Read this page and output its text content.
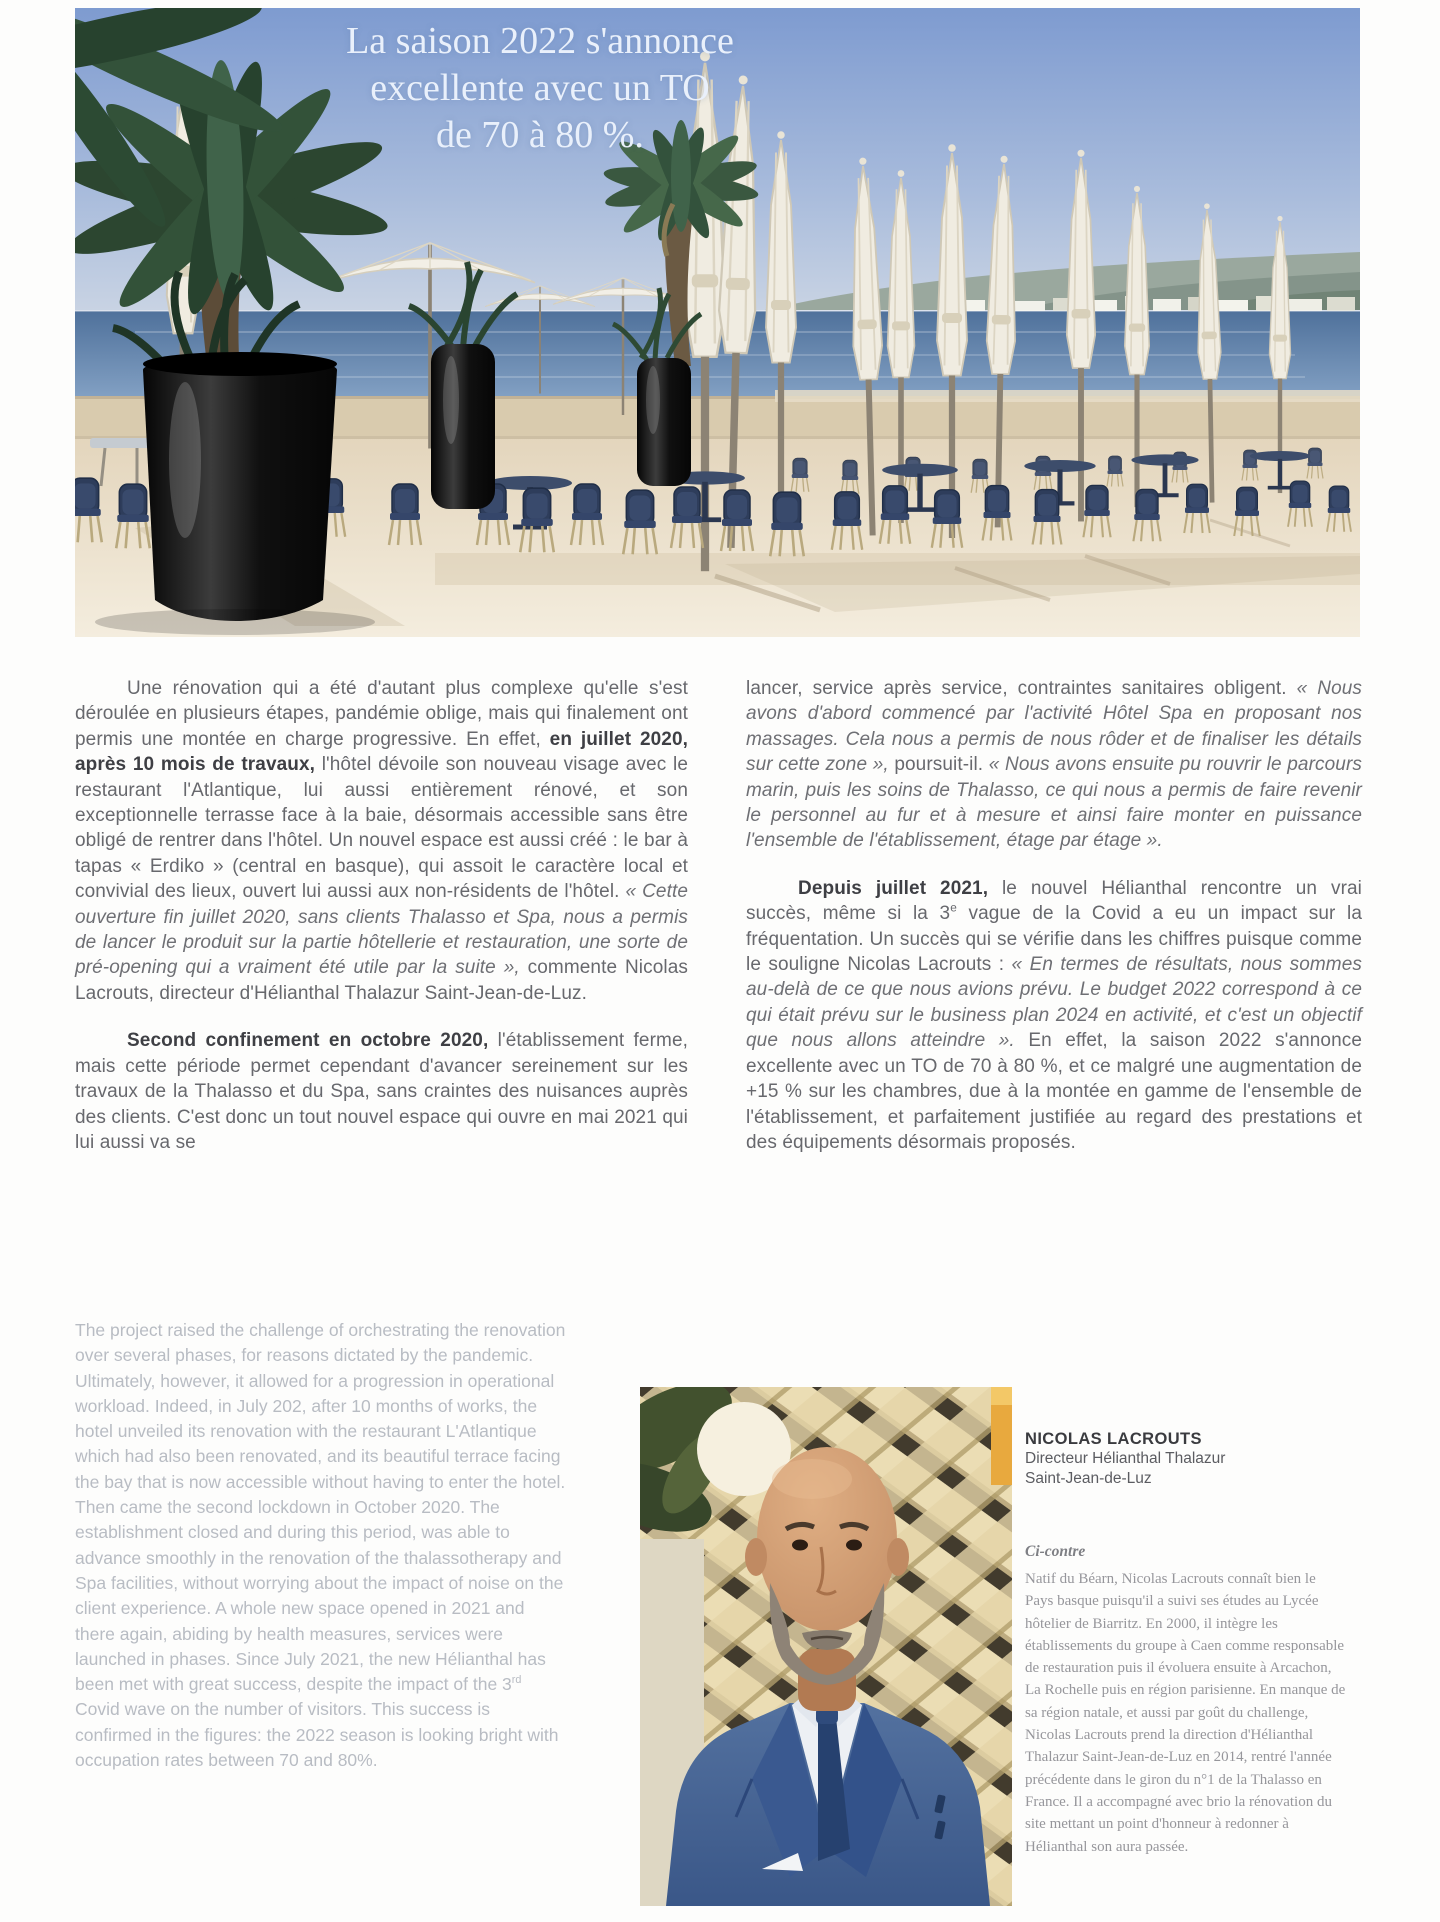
La saison 2022 s'annonce
excellente avec un TO
de 70 à 80 %.

Une rénovation qui a été d'autant plus complexe qu'elle s'est déroulée en plusieurs étapes, pandémie oblige, mais qui finalement ont permis une montée en charge progressive. En effet, en juillet 2020, après 10 mois de travaux, l'hôtel dévoile son nouveau visage avec le restaurant l'Atlantique, lui aussi entièrement rénové, et son exceptionnelle terrasse face à la baie, désormais accessible sans être obligé de rentrer dans l'hôtel. Un nouvel espace est aussi créé : le bar à tapas « Erdiko » (central en basque), qui assoit le caractère local et convivial des lieux, ouvert lui aussi aux non-résidents de l'hôtel. « Cette ouverture fin juillet 2020, sans clients Thalasso et Spa, nous a permis de lancer le produit sur la partie hôtellerie et restauration, une sorte de pré-opening qui a vraiment été utile par la suite », commente Nicolas Lacrouts, directeur d'Hélianthal Thalazur Saint-Jean-de-Luz.

Second confinement en octobre 2020, l'établissement ferme, mais cette période permet cependant d'avancer sereinement sur les travaux de la Thalasso et du Spa, sans craintes des nuisances auprès des clients. C'est donc un tout nouvel espace qui ouvre en mai 2021 qui lui aussi va se

lancer, service après service, contraintes sanitaires obligent. « Nous avons d'abord commencé par l'activité Hôtel Spa en proposant nos massages. Cela nous a permis de nous rôder et de finaliser les détails sur cette zone », poursuit-il. « Nous avons ensuite pu rouvrir le parcours marin, puis les soins de Thalasso, ce qui nous a permis de faire revenir le personnel au fur et à mesure et ainsi faire monter en puissance l'ensemble de l'établissement, étage par étage ».

Depuis juillet 2021, le nouvel Hélianthal rencontre un vrai succès, même si la 3e vague de la Covid a eu un impact sur la fréquentation. Un succès qui se vérifie dans les chiffres puisque comme le souligne Nicolas Lacrouts : « En termes de résultats, nous sommes au-delà de ce que nous avions prévu. Le budget 2022 correspond à ce qui était prévu sur le business plan 2024 en activité, et c'est un objectif que nous allons atteindre ». En effet, la saison 2022 s'annonce excellente avec un TO de 70 à 80 %, et ce malgré une augmentation de +15 % sur les chambres, due à la montée en gamme de l'ensemble de l'établissement, et parfaitement justifiée au regard des prestations et des équipements désormais proposés.

The project raised the challenge of orchestrating the renovation over several phases, for reasons dictated by the pandemic. Ultimately, however, it allowed for a progression in operational workload. Indeed, in July 202, after 10 months of works, the hotel unveiled its renovation with the restaurant L'Atlantique which had also been renovated, and its beautiful terrace facing the bay that is now accessible without having to enter the hotel. Then came the second lockdown in October 2020. The establishment closed and during this period, was able to advance smoothly in the renovation of the thalassotherapy and Spa facilities, without worrying about the impact of noise on the client experience. A whole new space opened in 2021 and there again, abiding by health measures, services were launched in phases. Since July 2021, the new Hélianthal has been met with great success, despite the impact of the 3rd Covid wave on the number of visitors. This success is confirmed in the figures: the 2022 season is looking bright with occupation rates between 70 and 80%.

NICOLAS LACROUTS

Directeur Hélianthal Thalazur

Saint-Jean-de-Luz

Ci-contre

Natif du Béarn, Nicolas Lacrouts connaît bien le Pays basque puisqu'il a suivi ses études au Lycée hôtelier de Biarritz. En 2000, il intègre les établissements du groupe à Caen comme responsable de restauration puis il évoluera ensuite à Arcachon, La Rochelle puis en région parisienne. En manque de sa région natale, et aussi par goût du challenge, Nicolas Lacrouts prend la direction d'Hélianthal Thalazur Saint-Jean-de-Luz en 2014, rentré l'année précédente dans le giron du n°1 de la Thalasso en France. Il a accompagné avec brio la rénovation du site mettant un point d'honneur à redonner à Hélianthal son aura passée.
